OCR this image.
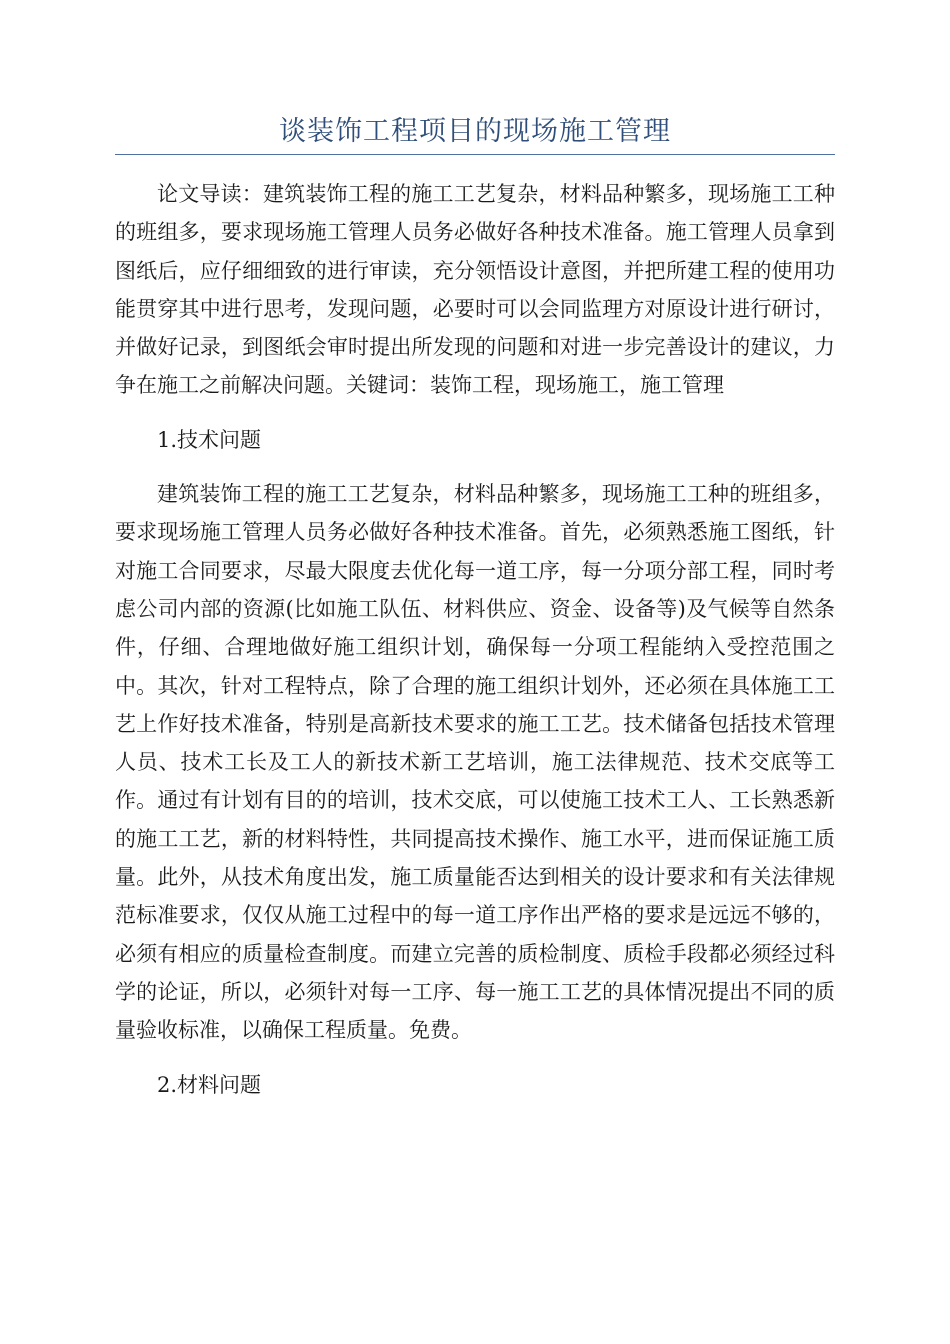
谈装饰工程项目的现场施工管理

论文导读：建筑装饰工程的施工工艺复杂，材料品种繁多，现场施工工种的班组多，要求现场施工管理人员务必做好各种技术准备。施工管理人员拿到图纸后，应仔细细致的进行审读，充分领悟设计意图，并把所建工程的使用功能贯穿其中进行思考，发现问题，必要时可以会同监理方对原设计进行研讨，并做好记录，到图纸会审时提出所发现的问题和对进一步完善设计的建议，力争在施工之前解决问题。关键词：装饰工程，现场施工，施工管理

1.技术问题

建筑装饰工程的施工工艺复杂，材料品种繁多，现场施工工种的班组多，要求现场施工管理人员务必做好各种技术准备。首先，必须熟悉施工图纸，针对施工合同要求，尽最大限度去优化每一道工序，每一分项分部工程，同时考虑公司内部的资源(比如施工队伍、材料供应、资金、设备等)及气候等自然条件，仔细、合理地做好施工组织计划，确保每一分项工程能纳入受控范围之中。其次，针对工程特点，除了合理的施工组织计划外，还必须在具体施工工艺上作好技术准备，特别是高新技术要求的施工工艺。技术储备包括技术管理人员、技术工长及工人的新技术新工艺培训，施工法律规范、技术交底等工作。通过有计划有目的的培训，技术交底，可以使施工技术工人、工长熟悉新的施工工艺，新的材料特性，共同提高技术操作、施工水平，进而保证施工质量。此外，从技术角度出发，施工质量能否达到相关的设计要求和有关法律规范标准要求，仅仅从施工过程中的每一道工序作出严格的要求是远远不够的，必须有相应的质量检查制度。而建立完善的质检制度、质检手段都必须经过科学的论证，所以，必须针对每一工序、每一施工工艺的具体情况提出不同的质量验收标准，以确保工程质量。免费。

2.材料问题
